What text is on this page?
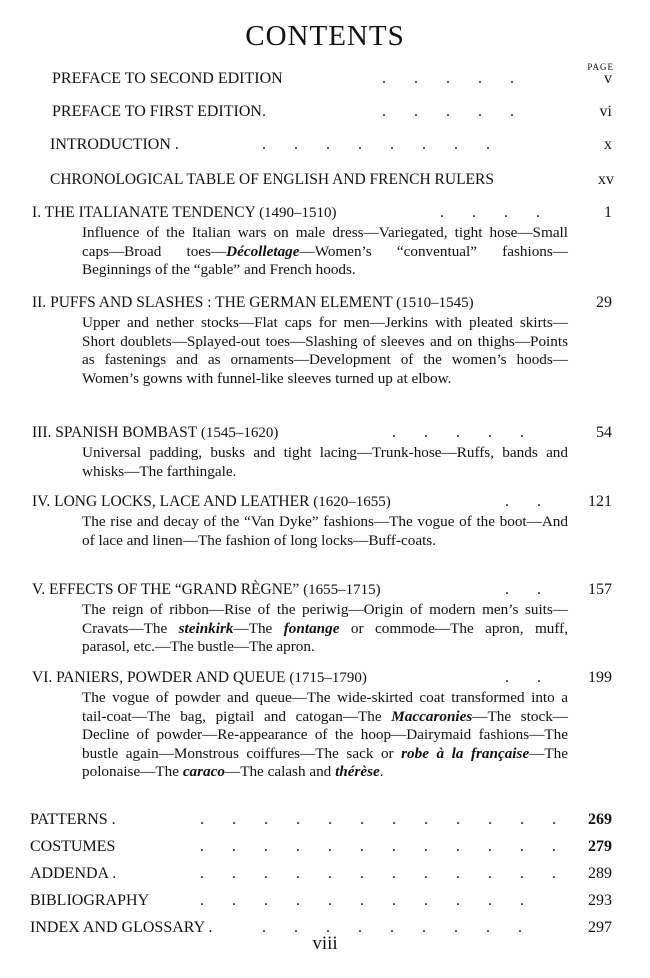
CONTENTS
PAGE
PREFACE TO SECOND EDITION	.       .       .       .       .	v
PREFACE TO FIRST EDITION.	.       .       .       .       .	vi
INTRODUCTION .	.       .       .       .       .       .       .       .	x
CHRONOLOGICAL TABLE OF ENGLISH AND FRENCH RULERS	xv
I. THE ITALIANATE TENDENCY (1490–1510)	.       .       .       .	1
Influence of the Italian wars on male dress—Variegated, tight hose—Small caps—Broad toes—Décolletage—Women’s “conventual” fashions—Beginnings of the “gable” and French hoods.
II. PUFFS AND SLASHES : THE GERMAN ELEMENT (1510–1545)	29
Upper and nether stocks—Flat caps for men—Jerkins with pleated skirts—Short doublets—Splayed-out toes—Slashing of sleeves and on thighs—Points as fastenings and as ornaments—Development of the women’s hoods—Women’s gowns with funnel-like sleeves turned up at elbow.
III. SPANISH BOMBAST (1545–1620)	.       .       .       .       .	54
Universal padding, busks and tight lacing—Trunk-hose—Ruffs, bands and whisks—The farthingale.
IV. LONG LOCKS, LACE AND LEATHER (1620–1655)	.       .	121
The rise and decay of the “Van Dyke” fashions—The vogue of the boot—And of lace and linen—The fashion of long locks—Buff-coats.
V. EFFECTS OF THE “GRAND RÈGNE” (1655–1715)	.       .	157
The reign of ribbon—Rise of the periwig—Origin of modern men’s suits—Cravats—The steinkirk—The fontange or commode—The apron, muff, parasol, etc.—The bustle—The apron.
VI. PANIERS, POWDER AND QUEUE (1715–1790)	.       .	199
The vogue of powder and queue—The wide-skirted coat transformed into a tail-coat—The bag, pigtail and catogan—The Maccaronies—The stock—Decline of powder—Re-appearance of the hoop—Dairymaid fashions—The bustle again—Monstrous coiffures—The sack or robe à la française—The polonaise—The caraco—The calash and thérèse.
PATTERNS .	.       .       .       .       .       .       .       .       .       .       .       .	269
COSTUMES	.       .       .       .       .       .       .       .       .       .       .       .	279
ADDENDA .	.       .       .       .       .       .       .       .       .       .       .       .	289
BIBLIOGRAPHY	.       .       .       .       .       .       .       .       .       .       .	293
INDEX AND GLOSSARY .	.       .       .       .       .       .       .       .       .	297
viii
